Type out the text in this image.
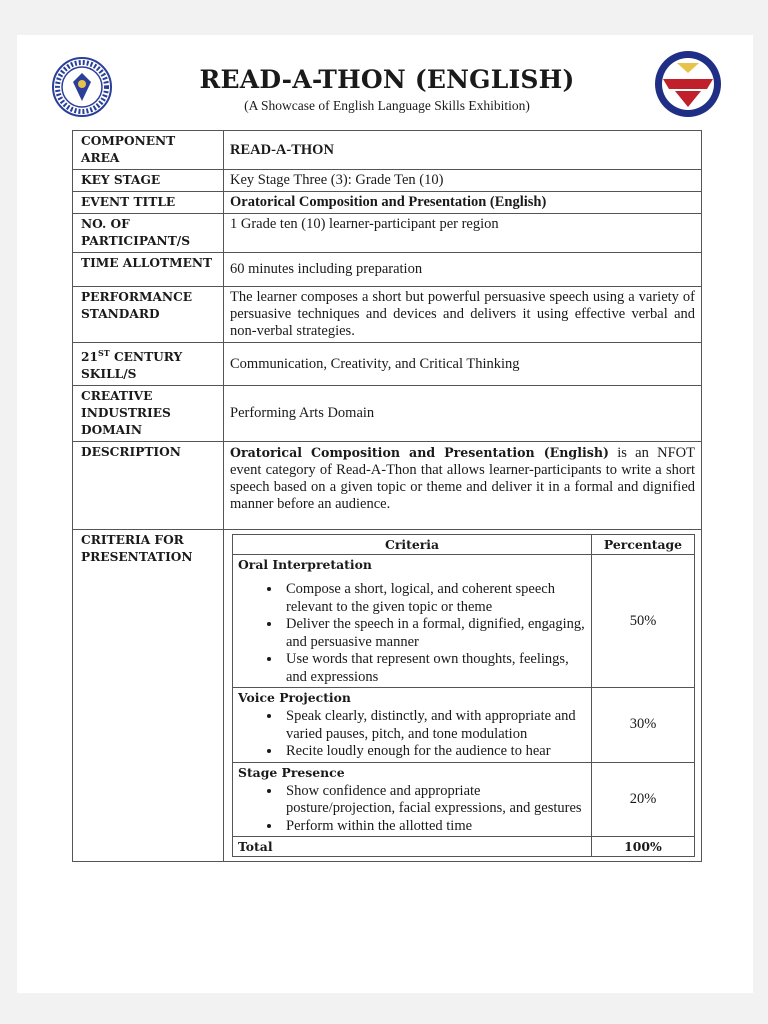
READ-A-THON (ENGLISH)
(A Showcase of English Language Skills Exhibition)
COMPONENT AREA	READ-A-THON
KEY STAGE	Key Stage Three (3): Grade Ten (10)
EVENT TITLE	Oratorical Composition and Presentation (English)
NO. OF PARTICIPANT/S	1 Grade ten (10) learner-participant per region
TIME ALLOTMENT	60 minutes including preparation
PERFORMANCE STANDARD	The learner composes a short but powerful persuasive speech using a variety of persuasive techniques and devices and delivers it using effective verbal and non-verbal strategies.
21ST CENTURY SKILL/S	Communication, Creativity, and Critical Thinking
CREATIVE INDUSTRIES DOMAIN	Performing Arts Domain
DESCRIPTION	Oratorical Composition and Presentation (English) is an NFOT event category of Read-A-Thon that allows learner-participants to write a short speech based on a given topic or theme and deliver it in a formal and dignified manner before an audience.
CRITERIA FOR PRESENTATION	
Criteria	Percentage

Oral Interpretation
• Compose a short, logical, and coherent speech relevant to the given topic or theme
• Deliver the speech in a formal, dignified, engaging, and persuasive manner
• Use words that represent own thoughts, feelings, and expressions
	50%

Voice Projection
• Speak clearly, distinctly, and with appropriate and varied pauses, pitch, and tone modulation
• Recite loudly enough for the audience to hear
	30%

Stage Presence
• Show confidence and appropriate posture/projection, facial expressions, and gestures
• Perform within the allotted time
	20%
Total	100%
